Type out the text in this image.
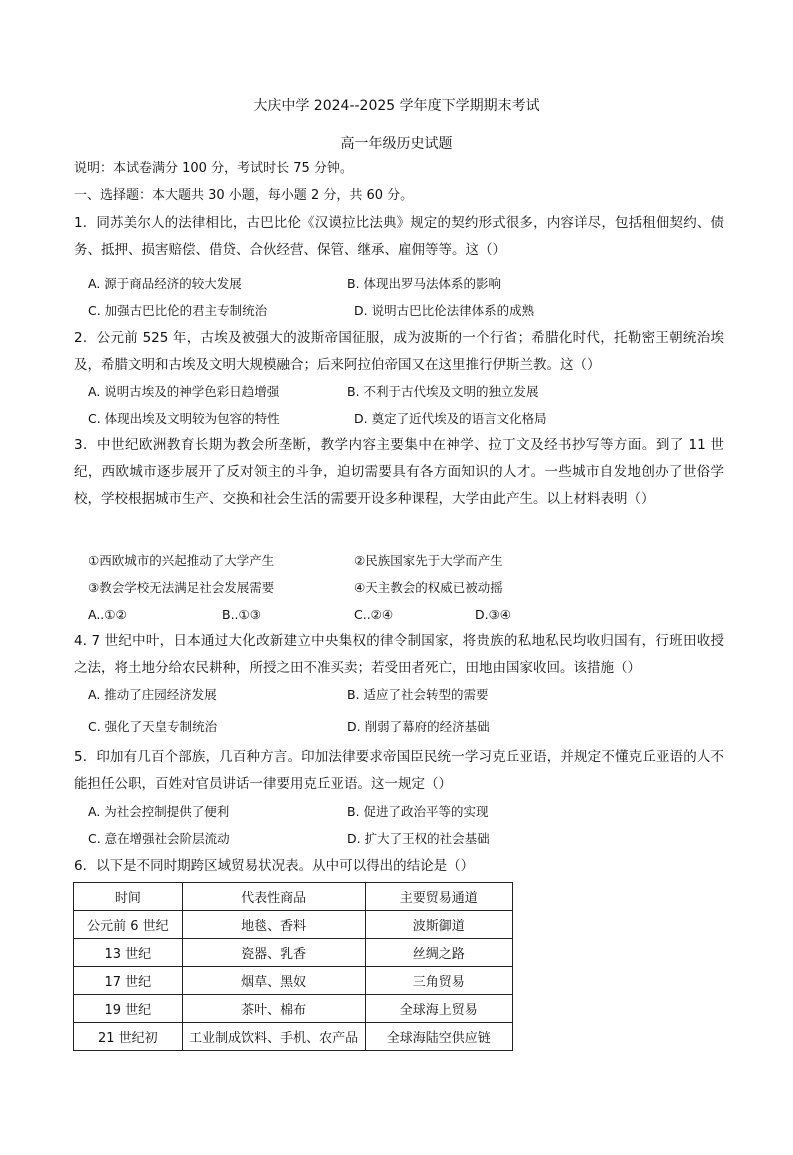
大庆中学 2024--2025 学年度下学期期末考试
高一年级历史试题
说明：本试卷满分 100 分，考试时长 75 分钟。
一、选择题：本大题共 30 小题，每小题 2 分，共 60 分。
1．同苏美尔人的法律相比，古巴比伦《汉谟拉比法典》规定的契约形式很多，内容详尽，包括租佃契约、债务、抵押、损害赔偿、借贷、合伙经营、保管、继承、雇佣等等。这（）
A. 源于商品经济的较大发展	B. 体现出罗马法体系的影响
C. 加强古巴比伦的君主专制统治	D. 说明古巴比伦法律体系的成熟
2．公元前 525 年，古埃及被强大的波斯帝国征服，成为波斯的一个行省；希腊化时代，托勒密王朝统治埃及，希腊文明和古埃及文明大规模融合；后来阿拉伯帝国又在这里推行伊斯兰教。这（）
A. 说明古埃及的神学色彩日趋增强	B. 不利于古代埃及文明的独立发展
C. 体现出埃及文明较为包容的特性	D. 奠定了近代埃及的语言文化格局
3．中世纪欧洲教育长期为教会所垄断，教学内容主要集中在神学、拉丁文及经书抄写等方面。到了 11 世纪，西欧城市逐步展开了反对领主的斗争，迫切需要具有各方面知识的人才。一些城市自发地创办了世俗学校，学校根据城市生产、交换和社会生活的需要开设多种课程，大学由此产生。以上材料表明（）
①西欧城市的兴起推动了大学产生	②民族国家先于大学而产生
③教会学校无法满足社会发展需要	④天主教会的权威已被动摇
A..①②	B..①③	C..②④	D.③④
4. 7 世纪中叶，日本通过大化改新建立中央集权的律令制国家，将贵族的私地私民均收归国有，行班田收授之法，将土地分给农民耕种，所授之田不准买卖；若受田者死亡，田地由国家收回。该措施（）
A. 推动了庄园经济发展	B. 适应了社会转型的需要
C. 强化了天皇专制统治	D. 削弱了幕府的经济基础
5．印加有几百个部族，几百种方言。印加法律要求帝国臣民统一学习克丘亚语，并规定不懂克丘亚语的人不能担任公职，百姓对官员讲话一律要用克丘亚语。这一规定（）
A. 为社会控制提供了便利	B. 促进了政治平等的实现
C. 意在增强社会阶层流动	D. 扩大了王权的社会基础
6．以下是不同时期跨区域贸易状况表。从中可以得出的结论是（）
时间	代表性商品	主要贸易通道
公元前 6 世纪	地毯、香料	波斯御道
13 世纪	瓷器、乳香	丝绸之路
17 世纪	烟草、黑奴	三角贸易
19 世纪	茶叶、棉布	全球海上贸易
21 世纪初	工业制成饮料、手机、农产品	全球海陆空供应链
